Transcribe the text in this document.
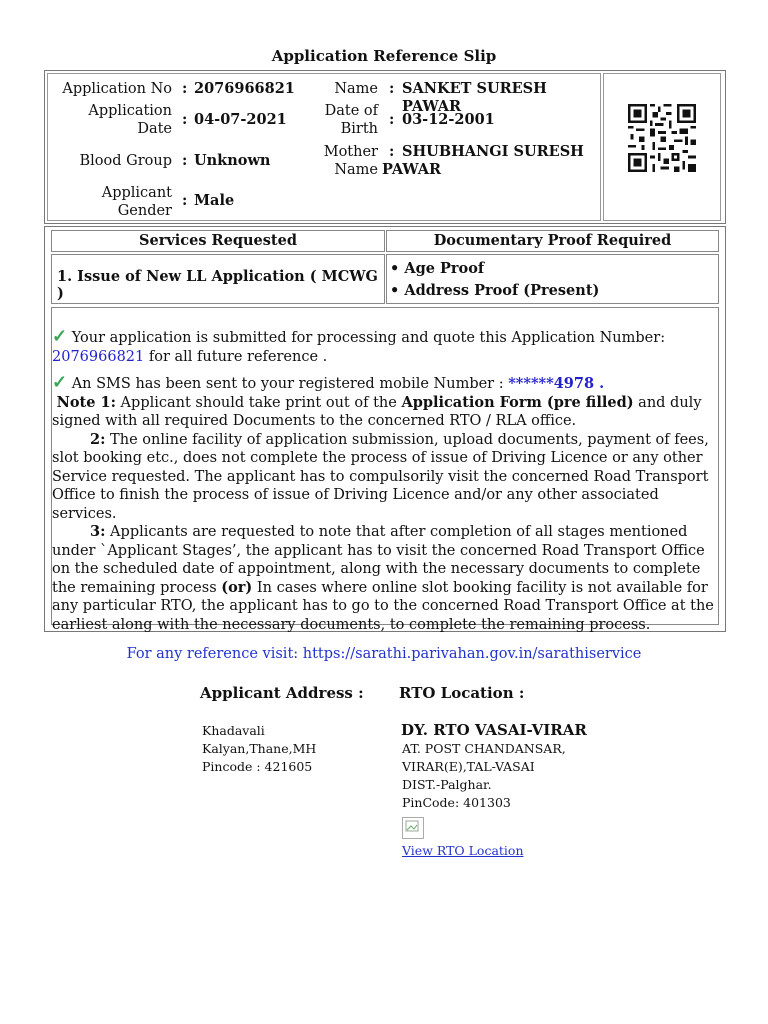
Application Reference Slip
Application No : 2076966821
Application
Date
: 04-07-2021
Blood Group : Unknown
Applicant
Gender
: Male
Name : SANKET SURESH PAWAR
Date of
Birth
: 03-12-2001
Mother
Name
: SHUBHANGI SURESH
PAWAR
Services Requested	Documentary Proof Required
1. Issue of New LL Application ( MCWG )
• Age Proof
• Address Proof (Present)

✓ Your application is submitted for processing and quote this Application Number:
2076966821 for all future reference .

✓ An SMS has been sent to your registered mobile Number : ******4978 .

Note 1: Applicant should take print out of the Application Form (pre filled) and duly signed with all required Documents to the concerned RTO / RLA office.

2: The online facility of application submission, upload documents, payment of fees, slot booking etc., does not complete the process of issue of Driving Licence or any other Service requested. The applicant has to compulsorily visit the concerned Road Transport Office to finish the process of issue of Driving Licence and/or any other associated services.

3: Applicants are requested to note that after completion of all stages mentioned under `Applicant Stages’, the applicant has to visit the concerned Road Transport Office on the scheduled date of appointment, along with the necessary documents to complete the remaining process (or) In cases where online slot booking facility is not available for any particular RTO, the applicant has to go to the concerned Road Transport Office at the earliest along with the necessary documents, to complete the remaining process.

For any reference visit: https://sarathi.parivahan.gov.in/sarathiservice
Applicant Address : RTO Location :
Khadavali
Kalyan,Thane,MH
Pincode : 421605
DY. RTO VASAI-VIRAR
AT. POST CHANDANSAR,
VIRAR(E),TAL-VASAI
DIST.-Palghar.
PinCode: 401303
View RTO Location
